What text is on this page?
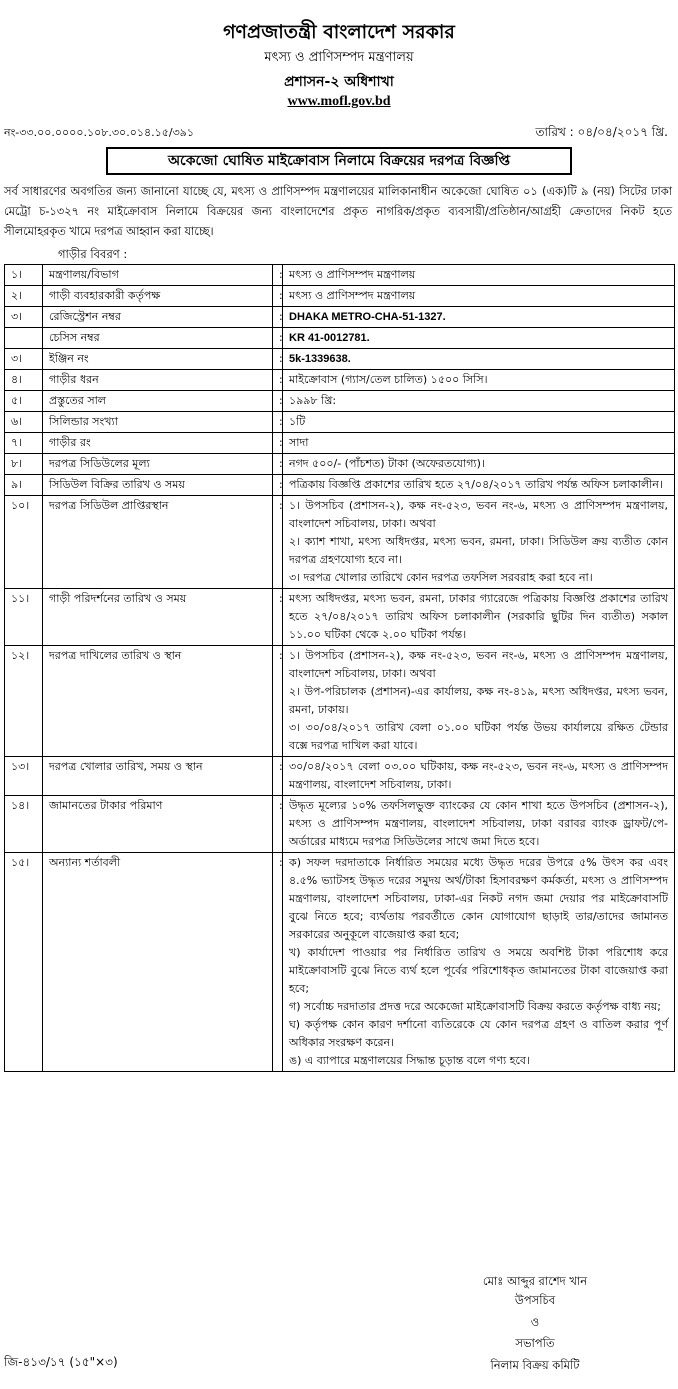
গণপ্রজাতন্ত্রী বাংলাদেশ সরকার
মৎস্য ও প্রাণিসম্পদ মন্ত্রণালয়
প্রশাসন-২ অধিশাখা
www.mofl.gov.bd
নং-৩৩.০০.০০০০.১০৮.৩০.০১৪.১৫/৩৯১	তারিখ : ০৪/০৪/২০১৭ খ্রি.
অকেজো ঘোষিত মাইক্রোবাস নিলামে বিক্রয়ের দরপত্র বিজ্ঞপ্তি
সর্ব সাধারণের অবগতির জন্য জানানো যাচ্ছে যে, মৎস্য ও প্রাণিসম্পদ মন্ত্রণালয়ের মালিকানাধীন অকেজো ঘোষিত ০১ (এক)টি ৯ (নয়) সিটের ঢাকা মেট্রো চ-১৩২৭ নং মাইক্রোবাস নিলামে বিক্রয়ের জন্য বাংলাদেশের প্রকৃত নাগরিক/প্রকৃত ব্যবসায়ী/প্রতিষ্ঠান/আগ্রহী ক্রেতাদের নিকট হতে সীলমোহরকৃত খামে দরপত্র আহ্বান করা যাচ্ছে।
গাড়ীর বিবরণ :
১।	মন্ত্রণালয়/বিভাগ	:	মৎস্য ও প্রাণিসম্পদ মন্ত্রণালয়

২।	গাড়ী ব্যবহারকারী কর্তৃপক্ষ	:	মৎস্য ও প্রাণিসম্পদ মন্ত্রণালয়

৩।	রেজিস্ট্রেশন নম্বর	:	DHAKA METRO-CHA-51-1327.

	চেসিস নম্বর	:	KR 41-0012781.

৩।	ইঞ্জিন নং	:	5k-1339638.

৪।	গাড়ীর ধরন	:	মাইক্রোবাস (গ্যাস/তেল চালিত) ১৫০০ সিসি।

৫।	প্রস্তুতের সাল	:	১৯৯৮ খ্রি:

৬।	সিলিন্ডার সংখ্যা	:	১টি

৭।	গাড়ীর রং	:	সাদা

৮।	দরপত্র সিডিউলের মূল্য	:	নগদ ৫০০/- (পাঁচশত) টাকা (অফেরতযোগ্য)।

৯।	সিডিউল বিক্রির তারিখ ও সময়	:	পত্রিকায় বিজ্ঞপ্তি প্রকাশের তারিখ হতে ২৭/০৪/২০১৭ তারিখ পর্যন্ত অফিস চলাকালীন।

১০।	দরপত্র সিডিউল প্রাপ্তিরস্থান	:	১। উপসচিব (প্রশাসন-২), কক্ষ নং-৫২৩, ভবন নং-৬, মৎস্য ও প্রাণিসম্পদ মন্ত্রণালয়, বাংলাদেশ সচিবালয়, ঢাকা। অথবা
২। ক্যাশ শাখা, মৎস্য অধিদপ্তর, মৎস্য ভবন, রমনা, ঢাকা। সিডিউল ক্রয় ব্যতীত কোন দরপত্র গ্রহণযোগ্য হবে না।
৩। দরপত্র খোলার তারিখে কোন দরপত্র তফসিল সরবরাহ করা হবে না।

১১।	গাড়ী পরিদর্শনের তারিখ ও সময়	:	মৎস্য অধিদপ্তর, মৎস্য ভবন, রমনা, ঢাকার গ্যারেজে পত্রিকায় বিজ্ঞপ্তি প্রকাশের তারিখ হতে ২৭/০৪/২০১৭ তারিখ অফিস চলাকালীন (সরকারি ছুটির দিন ব্যতীত) সকাল ১১.০০ ঘটিকা থেকে ২.০০ ঘটিকা পর্যন্ত।

১২।	দরপত্র দাখিলের তারিখ ও স্থান	:	১। উপসচিব (প্রশাসন-২), কক্ষ নং-৫২৩, ভবন নং-৬, মৎস্য ও প্রাণিসম্পদ মন্ত্রণালয়, বাংলাদেশ সচিবালয়, ঢাকা। অথবা
২। উপ-পরিচালক (প্রশাসন)-এর কার্যালয়, কক্ষ নং-৪১৯, মৎস্য অধিদপ্তর, মৎস্য ভবন, রমনা, ঢাকায়।
৩। ৩০/০৪/২০১৭ তারিখ বেলা ০১.০০ ঘটিকা পর্যন্ত উভয় কার্যালয়ে রক্ষিত টেন্ডার বক্সে দরপত্র দাখিল করা যাবে।

১৩।	দরপত্র খোলার তারিখ, সময় ও স্থান	:	৩০/০৪/২০১৭ বেলা ০৩.০০ ঘটিকায়, কক্ষ নং-৫২৩, ভবন নং-৬, মৎস্য ও প্রাণিসম্পদ মন্ত্রণালয়, বাংলাদেশ সচিবালয়, ঢাকা।

১৪।	জামানতের টাকার পরিমাণ	:	উদ্ধৃত মূল্যের ১০% তফসিলভুক্ত ব্যাংকের যে কোন শাখা হতে উপসচিব (প্রশাসন-২), মৎস্য ও প্রাণিসম্পদ মন্ত্রণালয়, বাংলাদেশ সচিবালয়, ঢাকা বরাবর ব্যাংক ড্রাফট/পে-অর্ডারের মাধ্যমে দরপত্র সিডিউলের সাথে জমা দিতে হবে।

১৫।	অন্যান্য শর্তাবলী	:	ক) সফল দরদাতাকে নির্ধারিত সময়ের মধ্যে উদ্ধৃত দরের উপরে ৫% উৎস কর এবং ৪.৫% ভ্যাটসহ উদ্ধৃত দরের সমুদয় অর্থ/টাকা হিসাবরক্ষণ কর্মকর্তা, মৎস্য ও প্রাণিসম্পদ মন্ত্রণালয়, বাংলাদেশ সচিবালয়, ঢাকা-এর নিকট নগদ জমা দেয়ার পর মাইক্রোবাসটি বুঝে নিতে হবে; ব্যর্থতায় পরবর্তীতে কোন যোগাযোগ ছাড়াই তার/তাদের জামানত সরকারের অনুকূলে বাজেয়াপ্ত করা হবে;
খ) কার্যাদেশ পাওয়ার পর নির্ধারিত তারিখ ও সময়ে অবশিষ্ট টাকা পরিশোধ করে মাইক্রোবাসটি বুঝে নিতে ব্যর্থ হলে পূর্বের পরিশোধকৃত জামানতের টাকা বাজেয়াপ্ত করা হবে;
গ) সর্বোচ্চ দরদাতার প্রদত্ত দরে অকেজো মাইক্রোবাসটি বিক্রয় করতে কর্তৃপক্ষ বাধ্য নয়;
ঘ) কর্তৃপক্ষ কোন কারণ দর্শানো ব্যতিরেকে যে কোন দরপত্র গ্রহণ ও বাতিল করার পূর্ণ অধিকার সংরক্ষণ করেন।
ঙ) এ ব্যাপারে মন্ত্রণালয়ের সিদ্ধান্ত চূড়ান্ত বলে গণ্য হবে।
মোঃ আব্দুর রাশেদ খান
উপসচিব
ও
সভাপতি
নিলাম বিক্রয় কমিটি
জি-৪১৩/১৭ (১৫"×৩)
